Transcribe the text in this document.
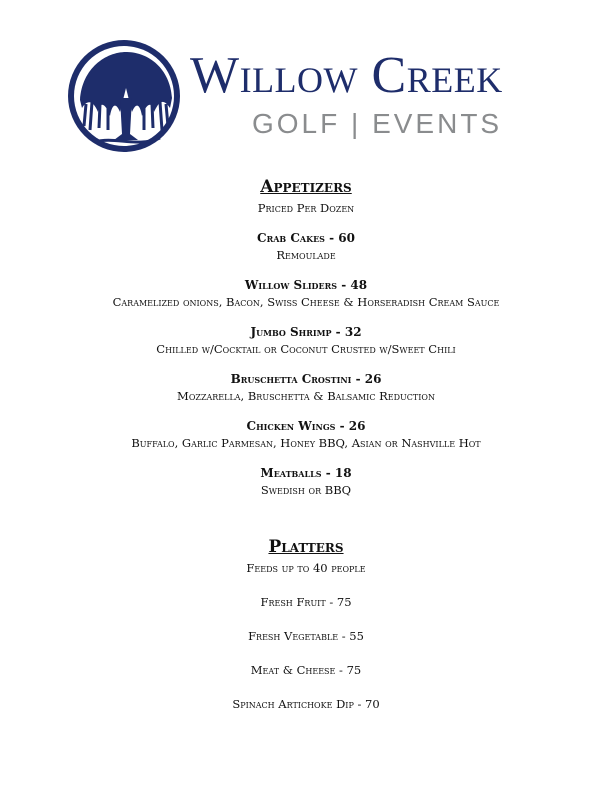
Willow Creek
GOLF | EVENTS
Appetizers

Priced Per Dozen

Crab Cakes - 60

Remoulade

Willow Sliders - 48

Caramelized onions, Bacon, Swiss Cheese & Horseradish Cream Sauce

Jumbo Shrimp - 32

Chilled w/Cocktail or Coconut Crusted w/Sweet Chili

Bruschetta Crostini - 26

Mozzarella, Bruschetta & Balsamic Reduction

Chicken Wings - 26

Buffalo, Garlic Parmesan, Honey BBQ, Asian or Nashville Hot

Meatballs - 18

Swedish or BBQ

Platters

Feeds up to 40 people

Fresh Fruit - 75
Fresh Vegetable - 55
Meat & Cheese - 75
Spinach Artichoke Dip - 70
